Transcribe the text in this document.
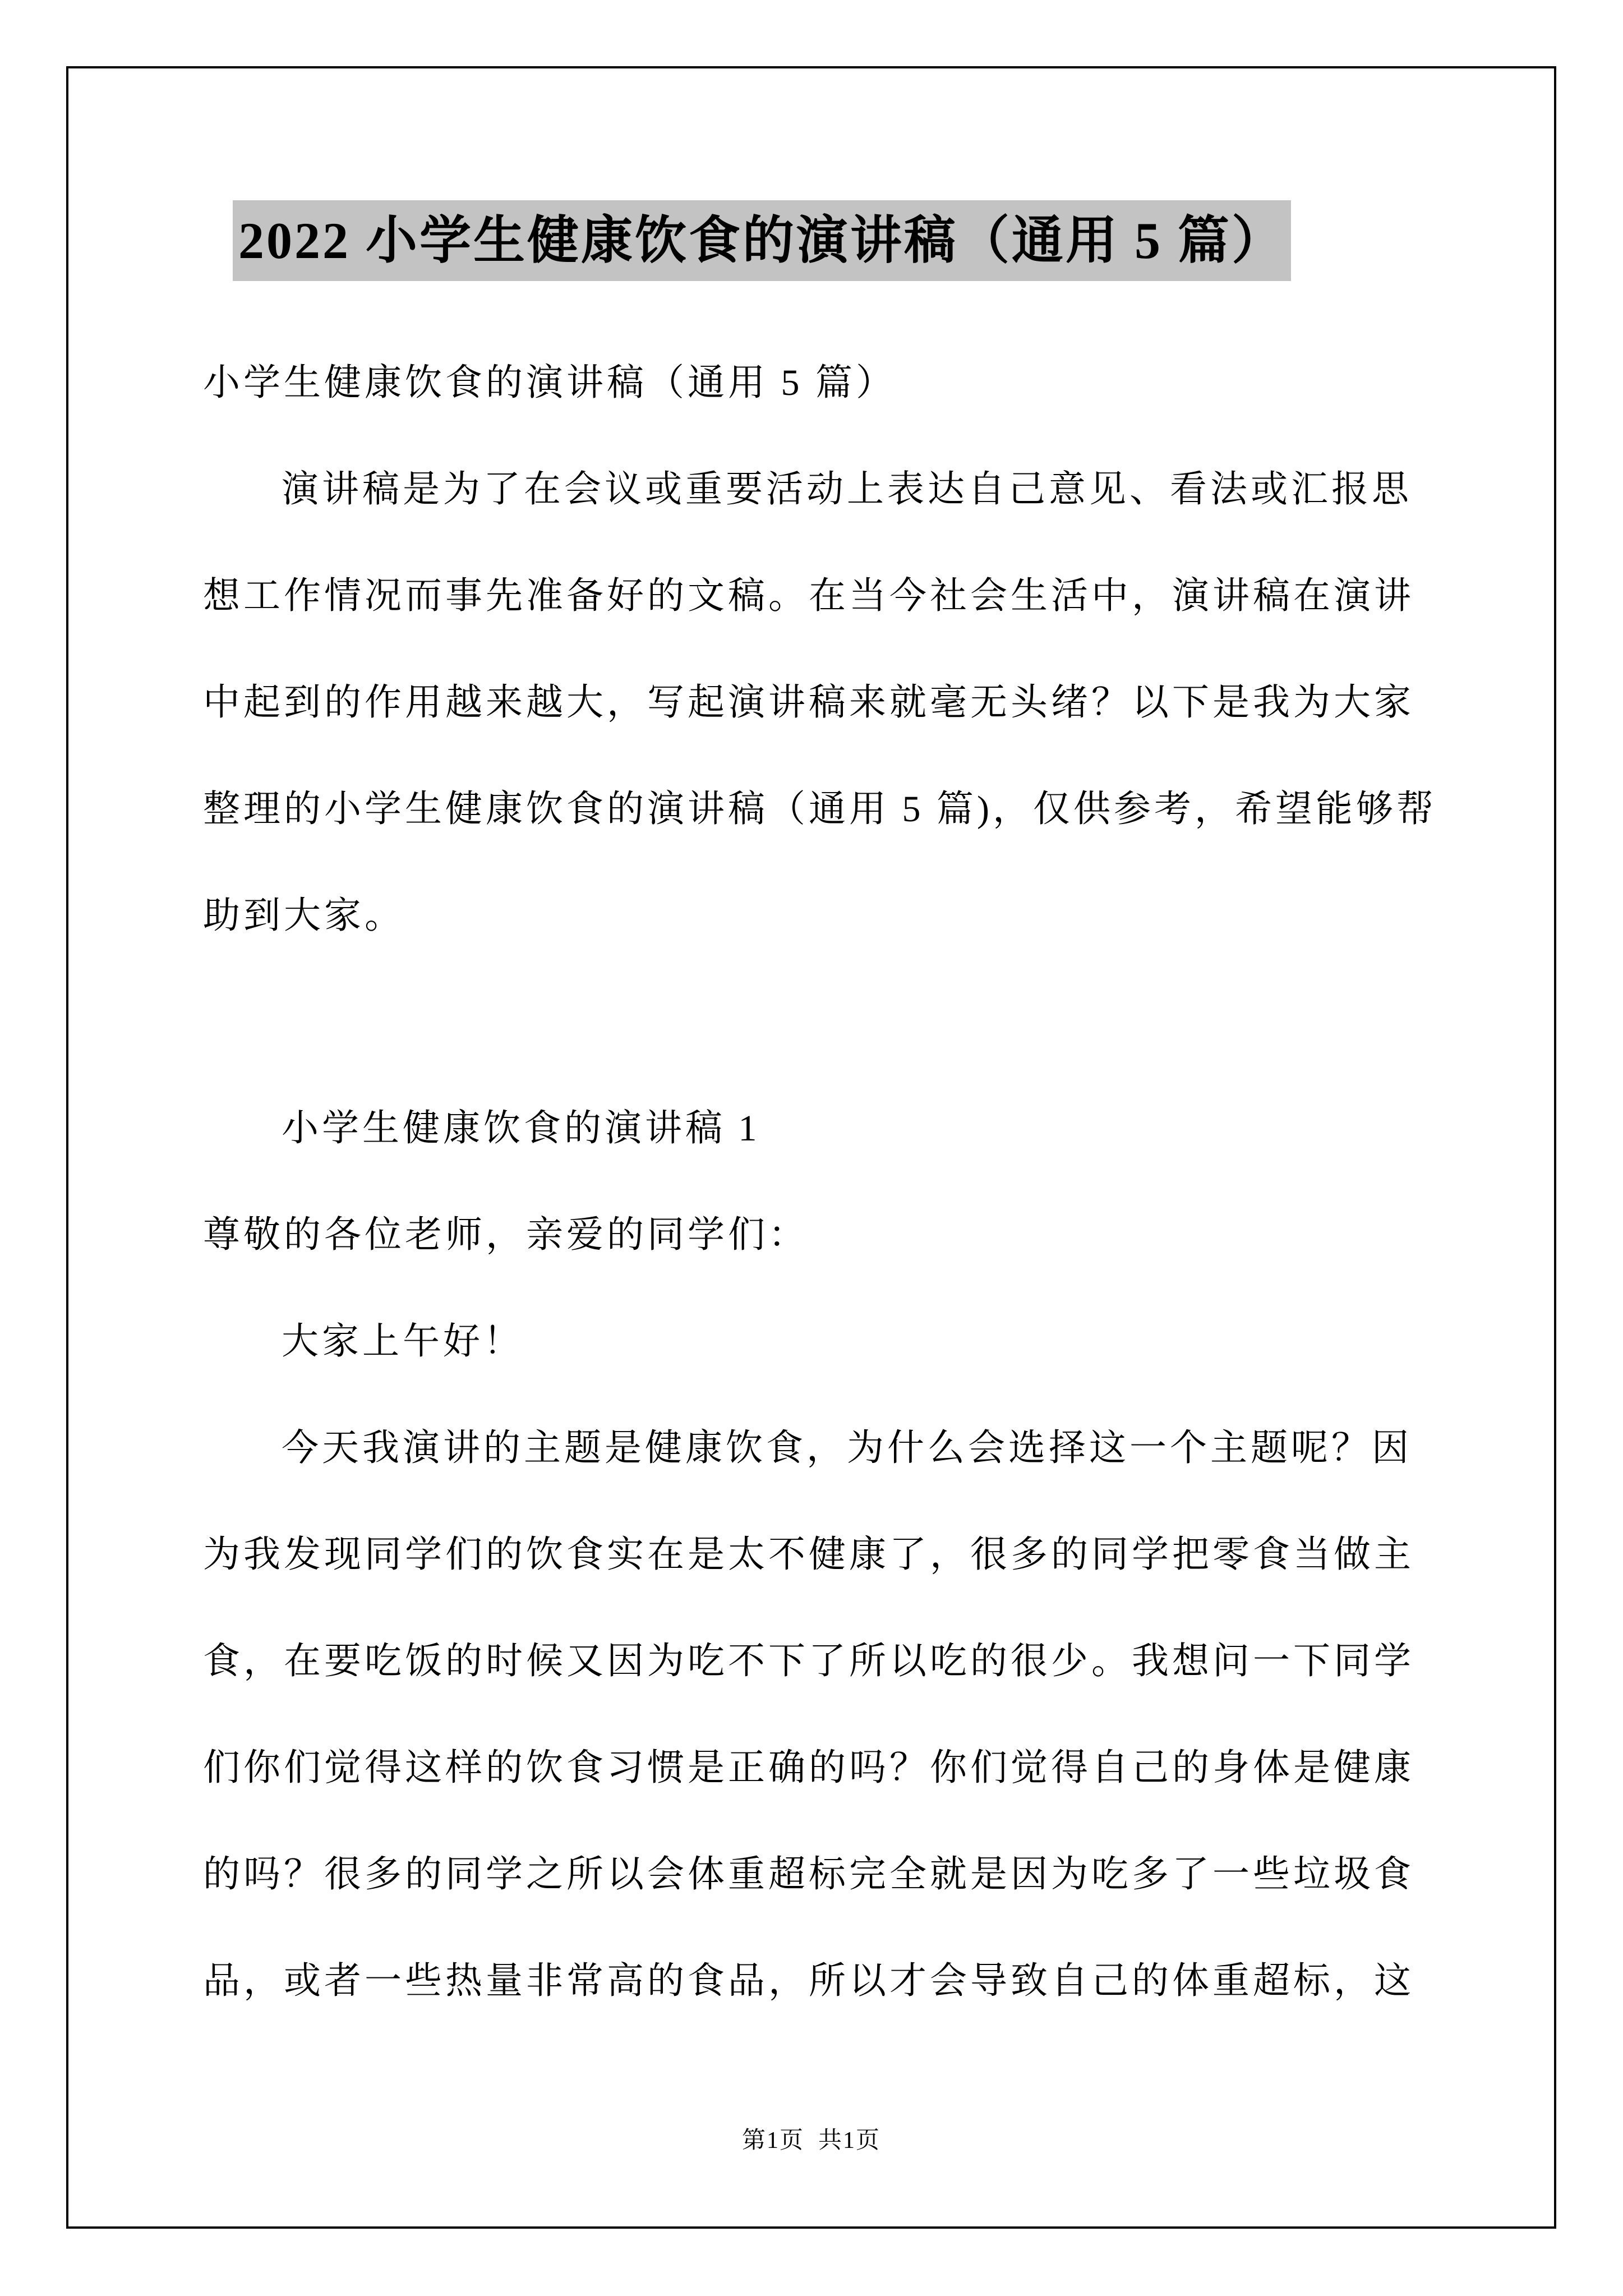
2022 小学生健康饮食的演讲稿（通用 5 篇）
小学生健康饮食的演讲稿（通用 5 篇）
演讲稿是为了在会议或重要活动上表达自己意见、看法或汇报思
想工作情况而事先准备好的文稿。在当今社会生活中，演讲稿在演讲
中起到的作用越来越大，写起演讲稿来就毫无头绪？以下是我为大家
整理的小学生健康饮食的演讲稿（通用 5 篇)，仅供参考，希望能够帮
助到大家。
小学生健康饮食的演讲稿 1
尊敬的各位老师，亲爱的同学们：
大家上午好！
今天我演讲的主题是健康饮食，为什么会选择这一个主题呢？因
为我发现同学们的饮食实在是太不健康了，很多的同学把零食当做主
食，在要吃饭的时候又因为吃不下了所以吃的很少。我想问一下同学
们你们觉得这样的饮食习惯是正确的吗？你们觉得自己的身体是健康
的吗？很多的同学之所以会体重超标完全就是因为吃多了一些垃圾食
品，或者一些热量非常高的食品，所以才会导致自己的体重超标，这
第1页  共1页
